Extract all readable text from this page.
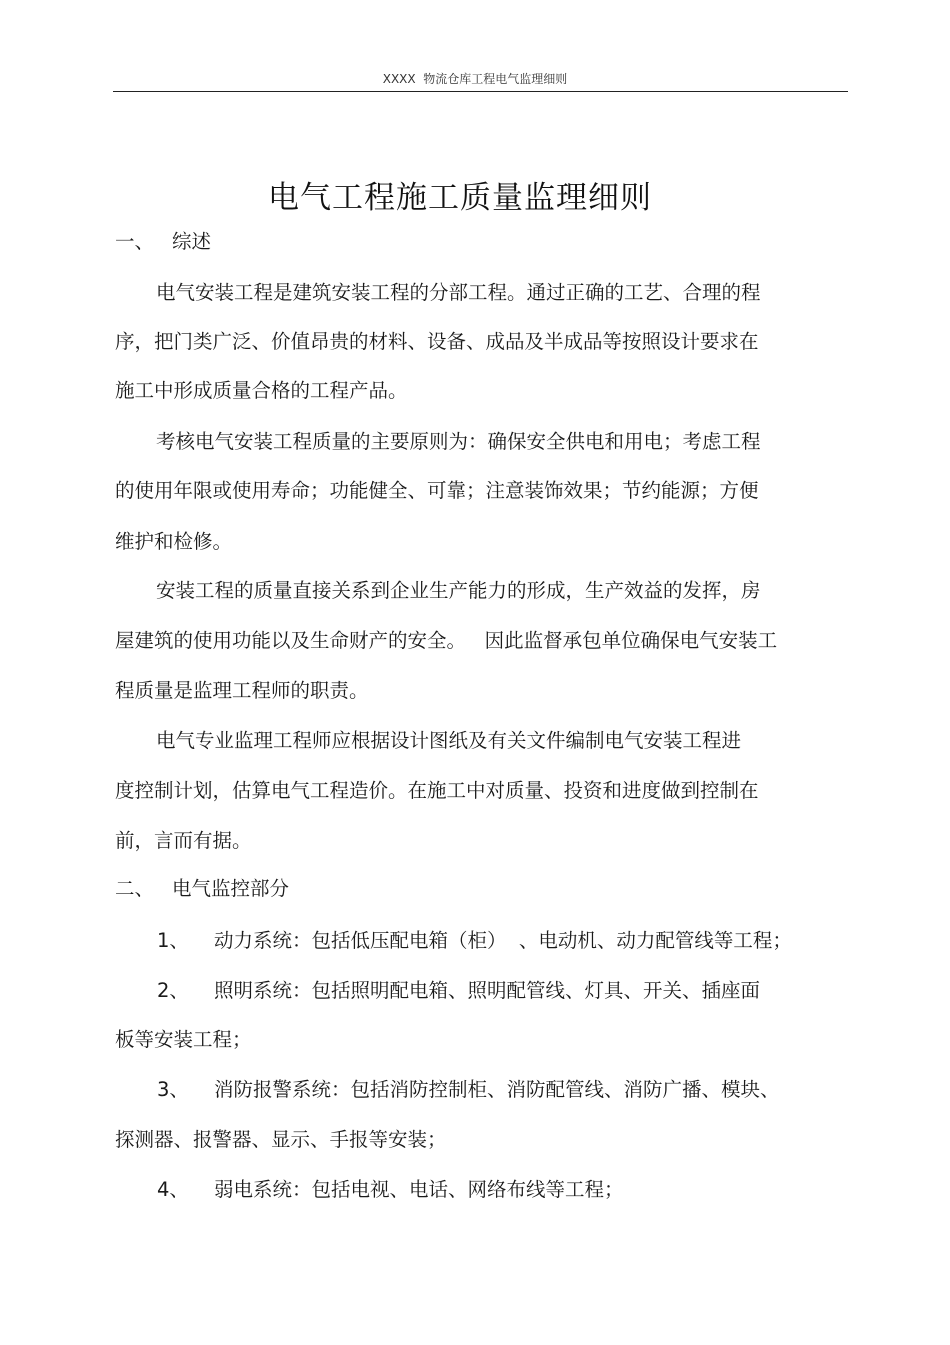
XXXX  物流仓库工程电气监理细则
电气工程施工质量监理细则
一、 综述
电气安装工程是建筑安装工程的分部工程。通过正确的工艺、合理的程
序，把门类广泛、价值昂贵的材料、设备、成品及半成品等按照设计要求在
施工中形成质量合格的工程产品。
考核电气安装工程质量的主要原则为：确保安全供电和用电；考虑工程
的使用年限或使用寿命；功能健全、可靠；注意装饰效果；节约能源；方便
维护和检修。
安装工程的质量直接关系到企业生产能力的形成，生产效益的发挥，房
屋建筑的使用功能以及生命财产的安全。   因此监督承包单位确保电气安装工
程质量是监理工程师的职责。
电气专业监理工程师应根据设计图纸及有关文件编制电气安装工程进
度控制计划，估算电气工程造价。在施工中对质量、投资和进度做到控制在
前，言而有据。
二、 电气监控部分
1、 动力系统：包括低压配电箱（柜）  、电动机、动力配管线等工程；
2、 照明系统：包括照明配电箱、照明配管线、灯具、开关、插座面
板等安装工程；
3、 消防报警系统：包括消防控制柜、消防配管线、消防广播、模块、
探测器、报警器、显示、手报等安装；
4、 弱电系统：包括电视、电话、网络布线等工程；
